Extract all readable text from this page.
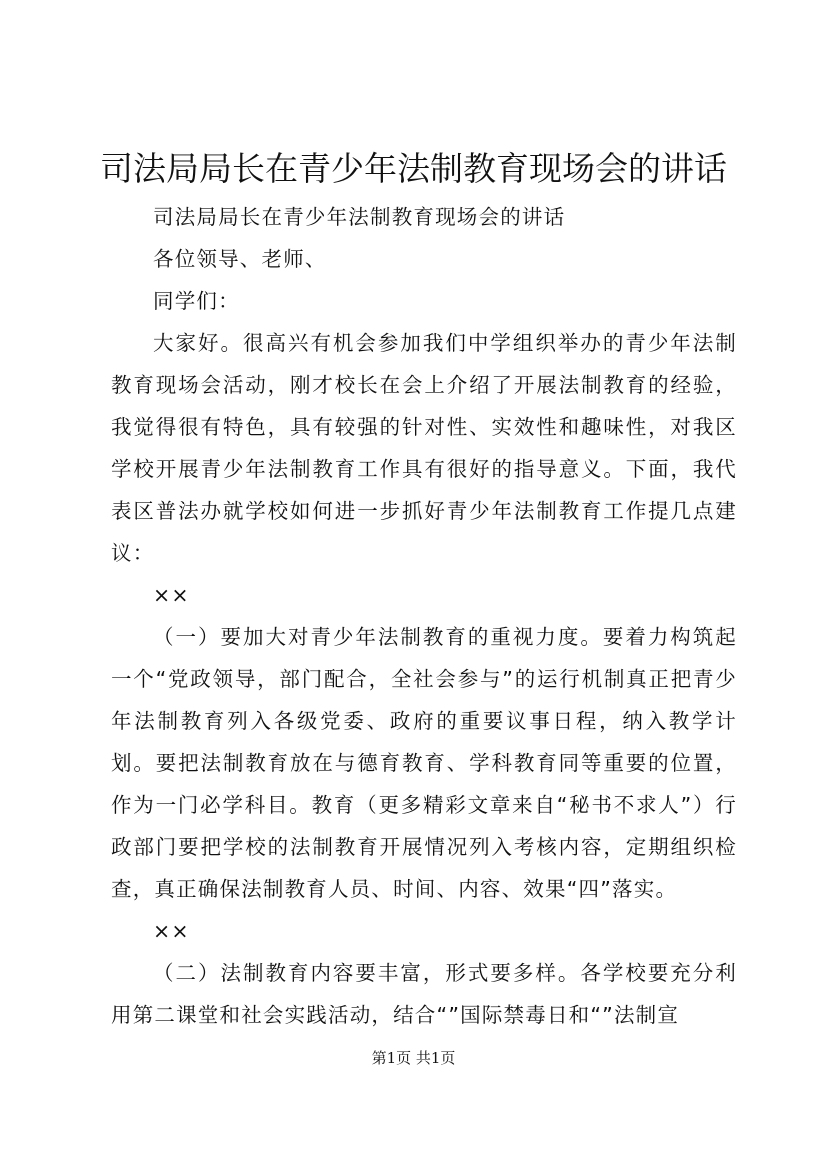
司法局局长在青少年法制教育现场会的讲话

司法局局长在青少年法制教育现场会的讲话

各位领导、老师、

同学们：

大家好。很高兴有机会参加我们中学组织举办的青少年法制教育现场会活动，刚才校长在会上介绍了开展法制教育的经验，我觉得很有特色，具有较强的针对性、实效性和趣味性，对我区学校开展青少年法制教育工作具有很好的指导意义。下面，我代表区普法办就学校如何进一步抓好青少年法制教育工作提几点建议：

××

（一）要加大对青少年法制教育的重视力度。要着力构筑起一个“党政领导，部门配合，全社会参与”的运行机制真正把青少年法制教育列入各级党委、政府的重要议事日程，纳入教学计划。要把法制教育放在与德育教育、学科教育同等重要的位置，作为一门必学科目。教育（更多精彩文章来自“秘书不求人”）行政部门要把学校的法制教育开展情况列入考核内容，定期组织检查，真正确保法制教育人员、时间、内容、效果“四”落实。

××

（二）法制教育内容要丰富，形式要多样。各学校要充分利用第二课堂和社会实践活动，结合“”国际禁毒日和“”法制宣

第1页 共1页
